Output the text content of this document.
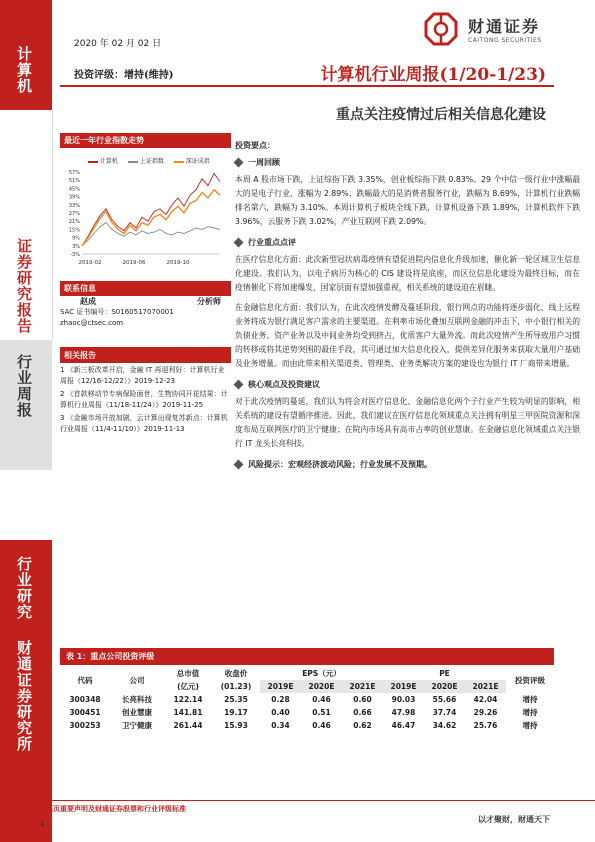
计算机
证券研究报告
行业周报
行业研究
财通证券研究所
2020 年 02 月 02 日
财通证券
CAITONG SECURITIES
投资评级：增持(维持)	计算机行业周报(1/20-1/23)
重点关注疫情过后相关信息化建设
最近一年行业指数走势
计算机	上证指数	深证成指
57%
51%
45%
39%
33%
27%
21%
15%
9%
3%
-3%
2019-02	2019-06	2019-10
联系信息
赵成	分析师
SAC 证书编号：S0160517070001
zhaoc@ctsec.com
相关报告
1 《新三板改革开启，金融 IT 再迎利好：计算机行业周报（12/16-12/22）》2019-12-23
2 《首款移动节专病保险面世，生物协同开花结果：计算机行业周报（11/18-11/24）》2019-11-25
3 《金融市场开放加剧，云计算出现复苏新点：计算机行业周报（11/4-11/10）》2019-11-13
投资要点：
一周回顾
本周 A 股市场下跌，上证综指下跌 3.35%，创业板综指下跌 0.83%。29 个中信一级行业中涨幅最大的是电子行业，涨幅为 2.89%；跌幅最大的是消费者服务行业，跌幅为 8.69%，计算机行业跌幅排名第六，跌幅为 3.10%。本周计算机子板块全线下跌，计算机设备下跌 1.89%，计算机软件下跌 3.96%，云服务下跌 3.02%，产业互联网下跌 2.09%。
行业重点点评
在医疗信息化方面：此次新型冠状病毒疫情有望促进院内信息化升级加速，催化新一轮区域卫生信息化建设。我们认为，以电子病历为核心的 CIS 建设将是底座，而区位信息化建设为最终目标，而在疫情催化下将加速爆发，国家层面有望加强重视，相关系统的建设迫在眉睫。
在金融信息化方面：我们认为，在此次疫情发酵及蔓延阶段，银行网点的功能将逐步弱化，线上远程业务将成为银行满足客户需求的主要渠道。在利率市场化叠加互联网金融的冲击下，中小银行相关的负债业务、资产业务以及中间业务均受到挤占，优质客户大量外流。而此次疫情产生所导致用户习惯的转移或将其逆势突围的最佳手段，其可通过加大信息化投入，提供差异化服务来获取大量用户基础及业务增量。而由此带来相关渠道类、管理类、业务类解决方案的建设也为银行 IT 厂商带来增量。
核心观点及投资建议
对于此次疫情的蔓延，我们认为将会对医疗信息化、金融信息化两个子行业产生较为明显的影响，相关系统的建设有望循序推进。因此，我们建议在医疗信息化领域重点关注拥有明星三甲医院资源和深度布局互联网医疗的卫宁健康；在院内市场具有高市占率的创业慧康。在金融信息化领域重点关注银行 IT 龙头长亮科技。
风险提示：宏观经济波动风险；行业发展不及预期。
表 1：重点公司投资评级
代码	公司	总市值	收盘价	EPS（元）			PE			投资评级
		(亿元)	(01.23)	2019E	2020E	2021E	2019E	2020E	2021E	
300348	长亮科技	122.14	25.35	0.28	0.46	0.60	90.03	55.66	42.04	增持
300451	创业慧康	141.81	19.17	0.40	0.51	0.66	47.98	37.74	29.26	增持
300253	卫宁健康	261.44	15.93	0.34	0.46	0.62	46.47	34.62	25.76	增持
谨请参阅尾页重要声明及财通证券股票和行业评级标准
1	以才聚财，财通天下
